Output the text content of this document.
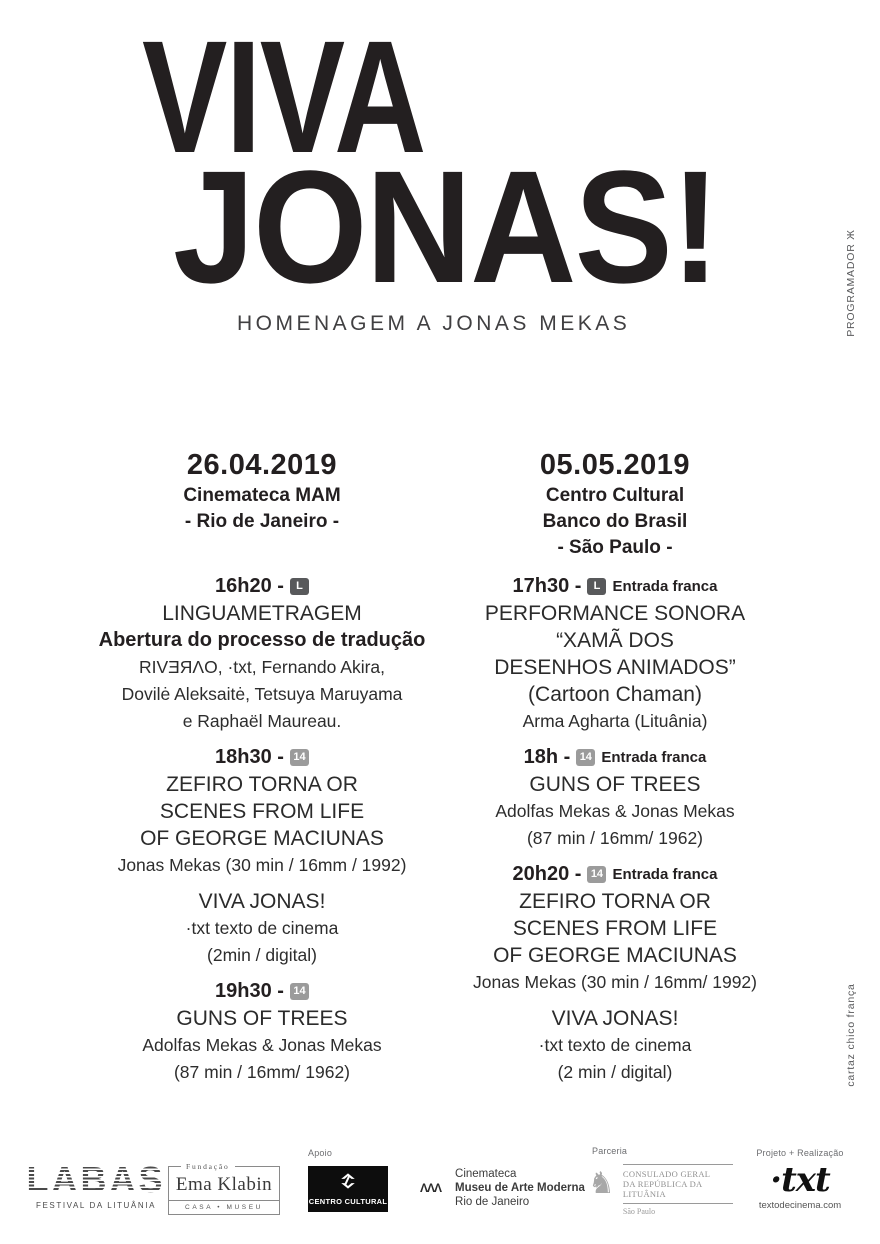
VIVA
JONAS!
HOMENAGEM A JONAS MEKAS	PROGRAMADOR Ж
cartaz chico frança
26.04.2019
Cinemateca MAM
- Rio de Janeiro -
16h20 -	L
LINGUAMETRAGEM
Abertura do processo de tradução
RIVƎЯΛO, ·txt, Fernando Akira,
Dovilė Aleksaitė, Tetsuya Maruyama
e Raphaël Maureau.
18h30 - 14
ZEFIRO TORNA OR
SCENES FROM LIFE
OF GEORGE MACIUNAS
Jonas Mekas (30 min / 16mm / 1992)
VIVA JONAS!
·txt texto de cinema
(2min / digital)
19h30 - 14
GUNS OF TREES
Adolfas Mekas & Jonas Mekas
(87 min / 16mm/ 1962)
05.05.2019
Centro Cultural
Banco do Brasil
- São Paulo -
17h30 -	L Entrada franca
PERFORMANCE SONORA
“XAMÃ DOS
DESENHOS ANIMADOS”
(Cartoon Chaman)
Arma Agharta (Lituânia)
18h - 14 Entrada franca
GUNS OF TREES
Adolfas Mekas & Jonas Mekas
(87 min / 16mm/ 1962)
20h20 - 14 Entrada franca
ZEFIRO TORNA OR
SCENES FROM LIFE
OF GEORGE MACIUNAS
Jonas Mekas (30 min / 16mm/ 1992)
VIVA JONAS!
·txt texto de cinema
(2 min / digital)
LABAS
FESTIVAL DA LITUÂNIA
Fundação
Ema Klabin
CASA • MUSEU
Apoio
CENTRO CULTURAL
ΛΛΛ
Cinemateca
Museu de Arte Moderna
Rio de Janeiro
Parceria
♞ CONSULADO GERAL
DA REPÚBLICA DA LITUÂNIA
São Paulo
Projeto + Realização
·txt
textodecinema.com
